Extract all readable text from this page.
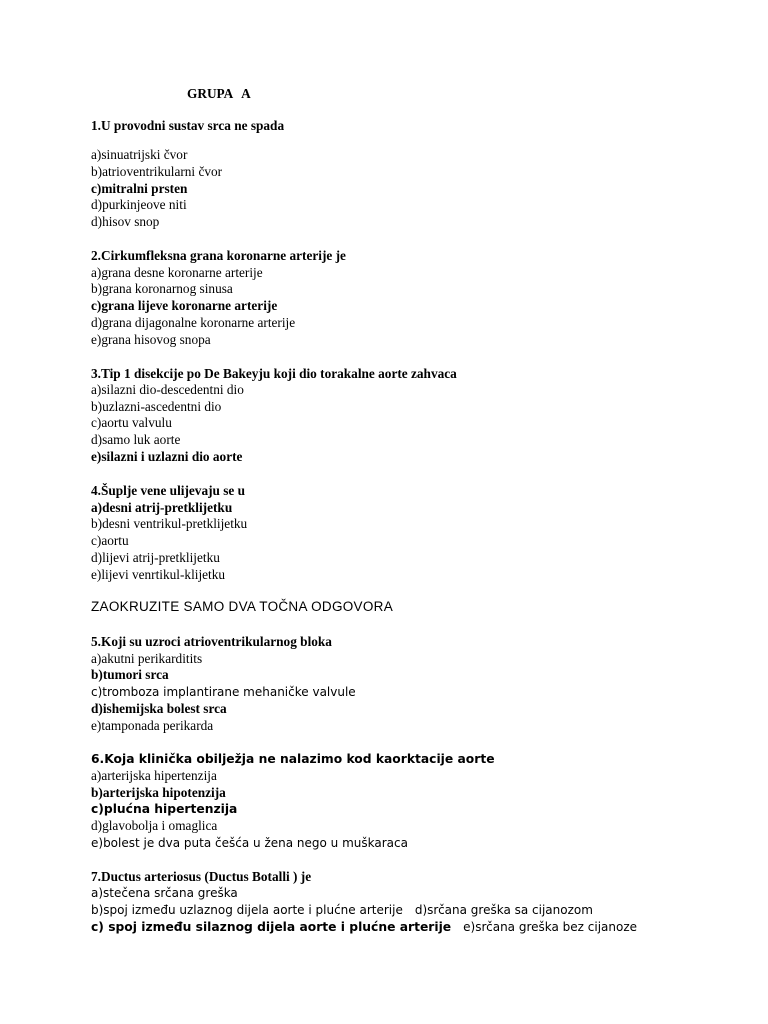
GRUPA A
1.U provodni sustav srca ne spada
a)sinuatrijski čvor
b)atrioventrikularni čvor
c)mitralni prsten
d)purkinjeove niti
d)hisov snop
2.Cirkumfleksna grana koronarne arterije je
a)grana desne koronarne arterije
b)grana koronarnog sinusa
c)grana lijeve koronarne arterije
d)grana dijagonalne koronarne arterije
e)grana hisovog snopa
3.Tip 1 disekcije po De Bakeyju koji dio torakalne aorte zahvaca
a)silazni dio-descedentni dio
b)uzlazni-ascedentni dio
c)aortu valvulu
d)samo luk aorte
e)silazni i uzlazni dio aorte
4.Šuplje vene ulijevaju se u
a)desni atrij-pretklijetku
b)desni ventrikul-pretklijetku
c)aortu
d)lijevi atrij-pretklijetku
e)lijevi venrtikul-klijetku
ZAOKRUZITE SAMO DVA TOČNA ODGOVORA
5.Koji su uzroci atrioventrikularnog bloka
a)akutni perikarditits
b)tumori srca
c)tromboza implantirane mehaničke valvule
d)ishemijska bolest srca
e)tamponada perikarda
6.Koja klinička obilježja ne nalazimo kod kaorktacije aorte
a)arterijska hipertenzija
b)arterijska hipotenzija
c)plućna hipertenzija
d)glavobolja i omaglica
e)bolest je dva puta češća u žena nego u muškaraca
7.Ductus arteriosus (Ductus Botalli ) je
a)stečena srčana greška
b)spoj između uzlaznog dijela aorte i plućne arterije d)srčana greška sa cijanozom
c) spoj između silaznog dijela aorte i plućne arterije e)srčana greška bez cijanoze
